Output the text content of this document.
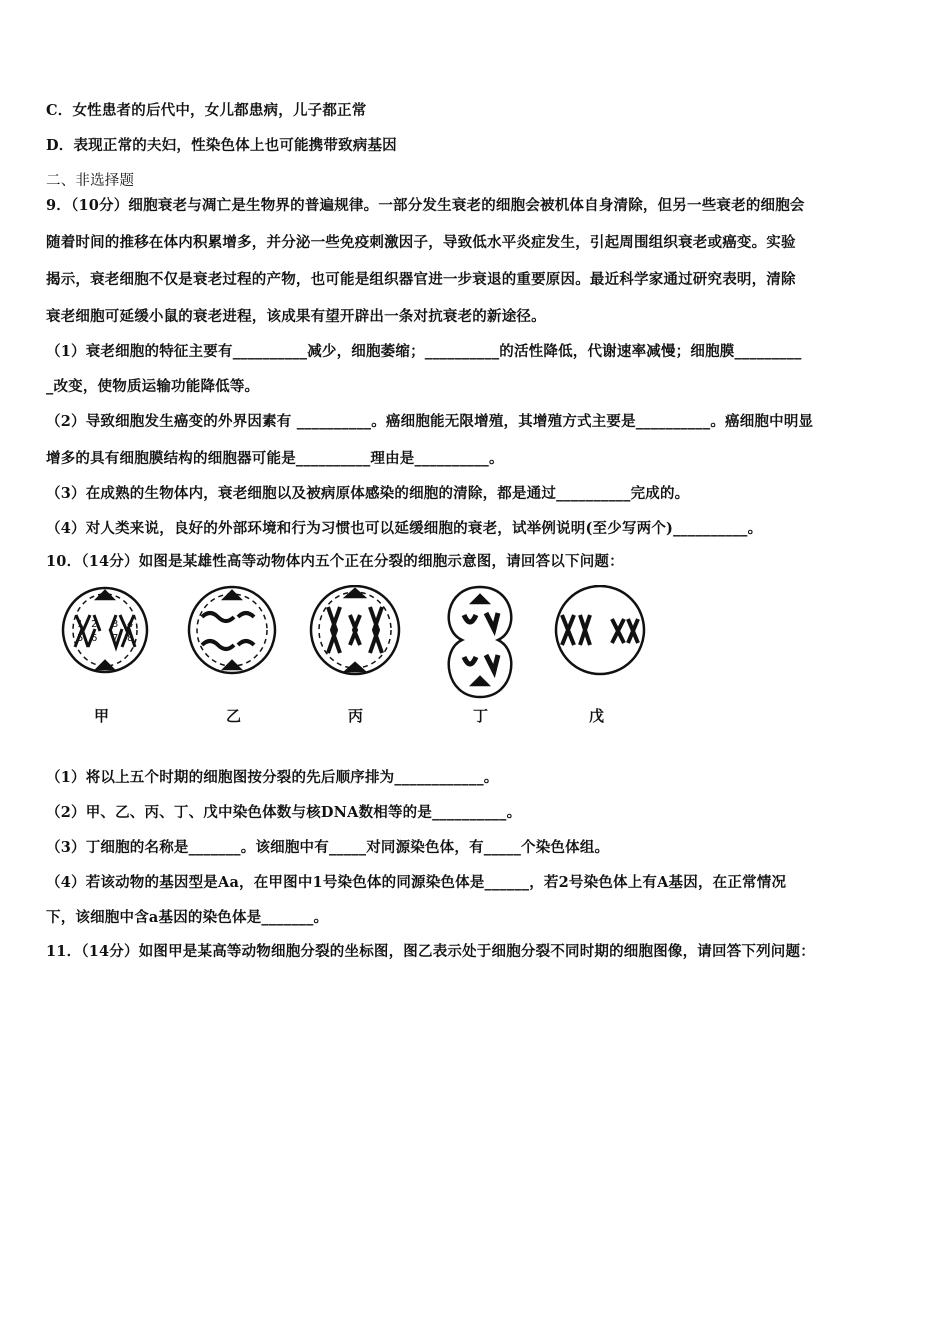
C．女性患者的后代中，女儿都患病，儿子都正常
D．表现正常的夫妇，性染色体上也可能携带致病基因
二、非选择题
9．（10分）细胞衰老与凋亡是生物界的普遍规律。一部分发生衰老的细胞会被机体自身清除，但另一些衰老的细胞会
随着时间的推移在体内积累增多，并分泌一些免疫刺激因子，导致低水平炎症发生，引起周围组织衰老或癌变。实验
揭示，衰老细胞不仅是衰老过程的产物，也可能是组织器官进一步衰退的重要原因。最近科学家通过研究表明，清除
衰老细胞可延缓小鼠的衰老进程，该成果有望开辟出一条对抗衰老的新途径。
（1）衰老细胞的特征主要有__________减少，细胞萎缩；__________的活性降低，代谢速率减慢；细胞膜_________
_改变，使物质运输功能降低等。
（2）导致细胞发生癌变的外界因素有 __________。癌细胞能无限增殖，其增殖方式主要是__________。癌细胞中明显
增多的具有细胞膜结构的细胞器可能是__________理由是__________。
（3）在成熟的生物体内，衰老细胞以及被病原体感染的细胞的清除，都是通过__________完成的。
（4）对人类来说，良好的外部环境和行为习惯也可以延缓细胞的衰老，试举例说明(至少写两个)__________。
10．（14分）如图是某雄性高等动物体内五个正在分裂的细胞示意图，请回答以下问题：
1 2 3 4
5 6 7 8
甲	乙	丙	丁	戊
（1）将以上五个时期的细胞图按分裂的先后顺序排为____________。
（2）甲、乙、丙、丁、戊中染色体数与核DNA数相等的是__________。
（3）丁细胞的名称是_______。该细胞中有_____对同源染色体，有_____个染色体组。
（4）若该动物的基因型是Aa，在甲图中1号染色体的同源染色体是______，若2号染色体上有A基因，在正常情况
下，该细胞中含a基因的染色体是_______。
11．（14分）如图甲是某高等动物细胞分裂的坐标图，图乙表示处于细胞分裂不同时期的细胞图像，请回答下列问题：
